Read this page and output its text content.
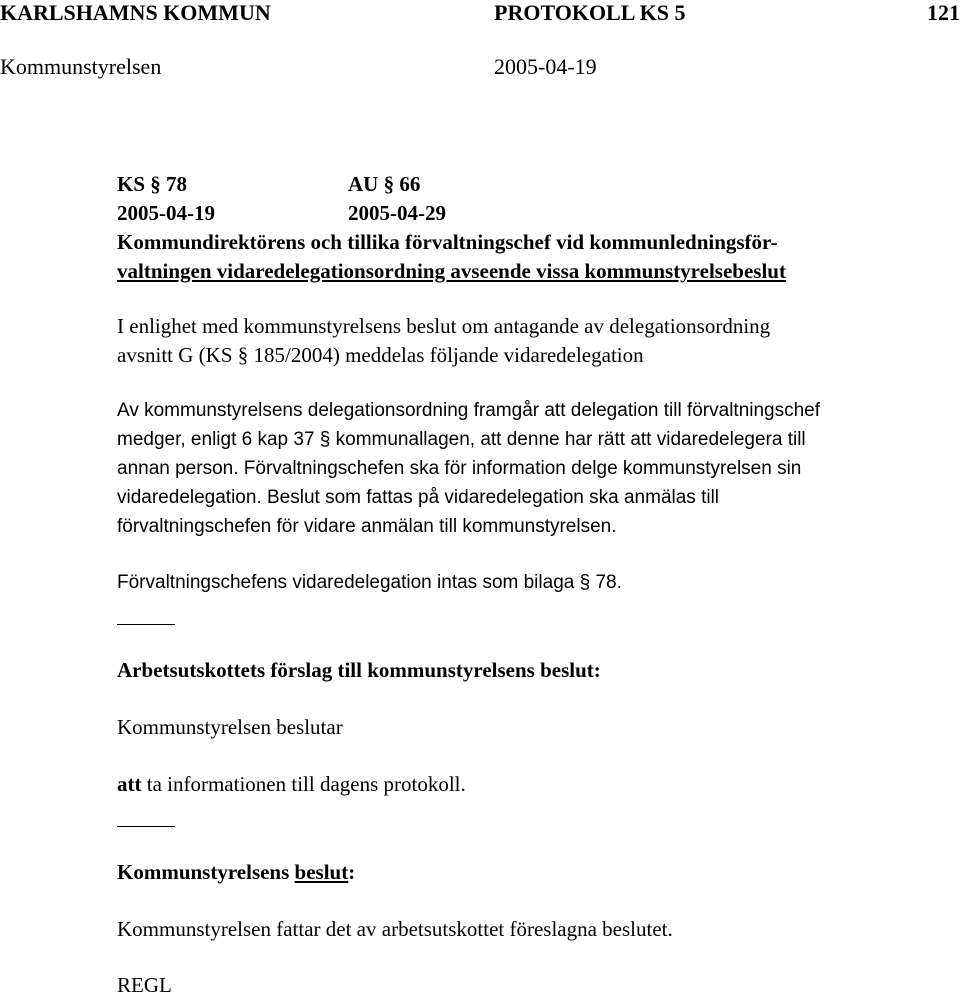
KARLSHAMNS KOMMUN	PROTOKOLL KS 5	121
Kommunstyrelsen	2005-04-19
KS § 78	AU § 66
2005-04-19	2005-04-29
Kommundirektörens och tillika förvaltningschef vid kommunledningsför-
valtningen vidaredelegationsordning avseende vissa kommunstyrelsebeslut
I enlighet med kommunstyrelsens beslut om antagande av delegationsordning
avsnitt G (KS § 185/2004) meddelas följande vidaredelegation
Av kommunstyrelsens delegationsordning framgår att delegation till förvaltningschef
medger, enligt 6 kap 37 § kommunallagen, att denne har rätt att vidaredelegera till
annan person. Förvaltningschefen ska för information delge kommunstyrelsen sin
vidaredelegation. Beslut som fattas på vidaredelegation ska anmälas till
förvaltningschefen för vidare anmälan till kommunstyrelsen.
Förvaltningschefens vidaredelegation intas som bilaga § 78.
Arbetsutskottets förslag till kommunstyrelsens beslut:
Kommunstyrelsen beslutar
att ta informationen till dagens protokoll.
Kommunstyrelsens beslut:
Kommunstyrelsen fattar det av arbetsutskottet föreslagna beslutet.
REGL
